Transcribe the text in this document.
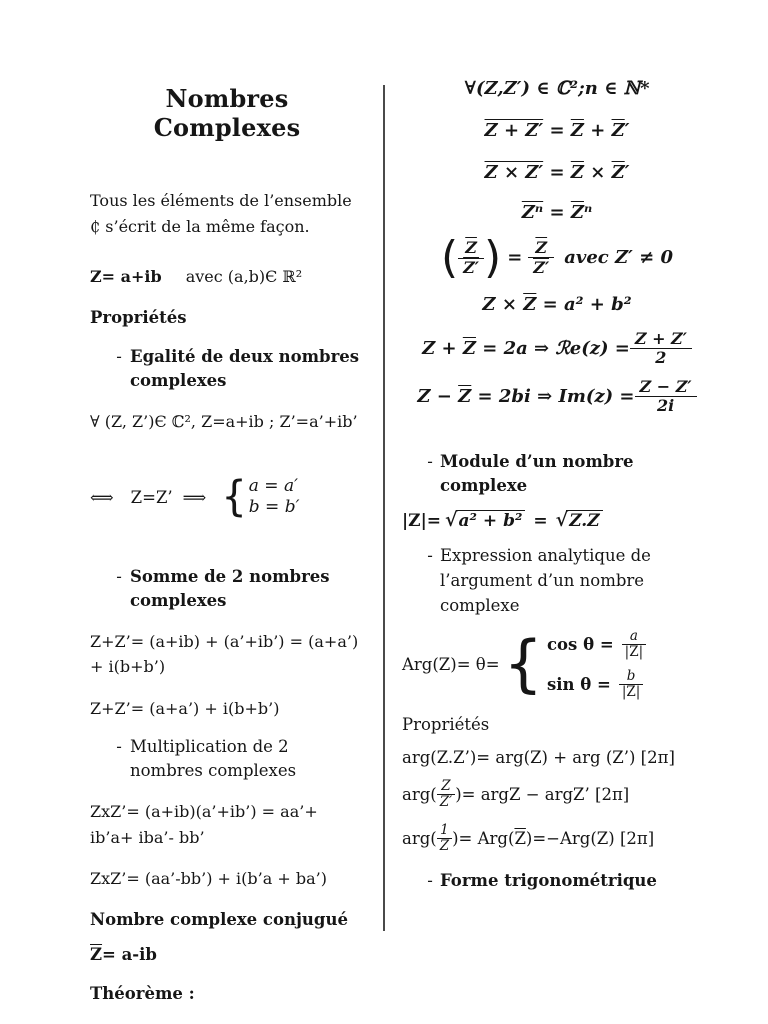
Nombres Complexes

Tous les éléments de l’ensemble ₵ s’écrit de la même façon.

Z= a+ib avec (a,b)Є ℝ²

Propriétés

- Egalité de deux nombres complexes

∀ (Z, Z’)Є ℂ², Z=a+ib ; Z’=a’+ib’

⟺ Z=Z’ ⟹ { a = a′
b = b′
- Somme de 2 nombres complexes

Z+Z’= (a+ib) + (a’+ib’) = (a+a’) + i(b+b’)

Z+Z’= (a+a’) + i(b+b’)

- Multiplication de 2 nombres complexes

ZxZ’= (a+ib)(a’+ib’) = aa’+ ib’a+ iba’- bb’

ZxZ’= (aa’-bb’) + i(b’a + ba’)

Nombre complexe conjugué

$\overline{Z}= a-ib$

Théorème :

∀(Z,Z′) ∈ ℂ²;n ∈ ℕ*

$Z + Z' = \overline{Z} + \overline{Z}'$

$Z \times Z' = \overline{Z} \times \overline{Z}'$

$\overline{Z^n} = \overline{Z}^n$

( $\frac{\overline{Z}}{Z'}$ ) = $\frac{\overline{Z}}{Z'}$ avec Z′ ≠ 0

$Z \times \overline{Z} = a^2 + b^2$

$Z + \overline{Z} = 2a$ ⇒ ℛe(z) = $\frac{Z + Z'}{2}$
$Z - \overline{Z} = 2bi$ ⇒ $Im(z) = \frac{Z - Z'}{2i}$
- Module d’un nombre complexe
$|Z|= √a^2 + b^2 = √Z.\overline{Z}$
- Expression analytique de l’argument d’un nombre complexe
Arg(Z)= θ= { $\cos \theta = \frac{a}{|Z|}$
$\sin \theta = \frac{b}{|Z|}$

Propriétés

arg(Z.Z’)= arg(Z) + arg (Z’) [2π]

$arg( \frac{Z}{Z'}$ )= argZ − argZ’ [2π]
$arg( \frac{1}{Z}$ )= Arg( $\overline{Z}$ )=−Arg(Z) [2π]
- Forme trigonométrique
